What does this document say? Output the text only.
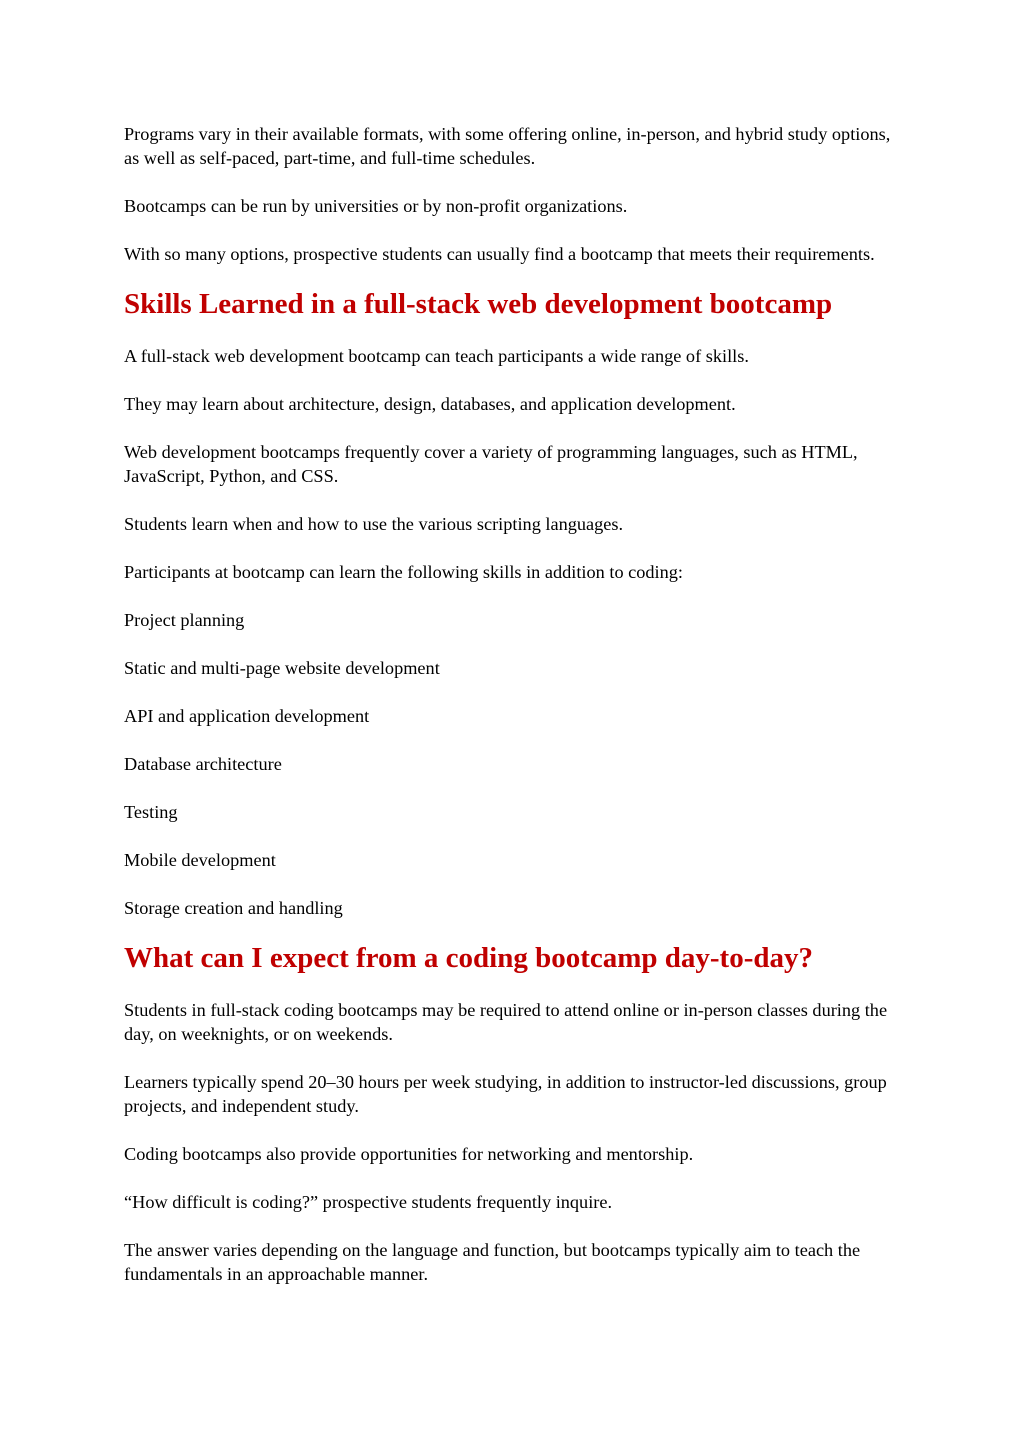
Programs vary in their available formats, with some offering online, in-person, and hybrid study options, as well as self-paced, part-time, and full-time schedules.

Bootcamps can be run by universities or by non-profit organizations.

With so many options, prospective students can usually find a bootcamp that meets their requirements.

Skills Learned in a full-stack web development bootcamp

A full-stack web development bootcamp can teach participants a wide range of skills.

They may learn about architecture, design, databases, and application development.

Web development bootcamps frequently cover a variety of programming languages, such as HTML, JavaScript, Python, and CSS.

Students learn when and how to use the various scripting languages.

Participants at bootcamp can learn the following skills in addition to coding:

Project planning

Static and multi-page website development

API and application development

Database architecture

Testing

Mobile development

Storage creation and handling

What can I expect from a coding bootcamp day-to-day?

Students in full-stack coding bootcamps may be required to attend online or in-person classes during the day, on weeknights, or on weekends.

Learners typically spend 20–30 hours per week studying, in addition to instructor-led discussions, group projects, and independent study.

Coding bootcamps also provide opportunities for networking and mentorship.

“How difficult is coding?” prospective students frequently inquire.

The answer varies depending on the language and function, but bootcamps typically aim to teach the fundamentals in an approachable manner.
